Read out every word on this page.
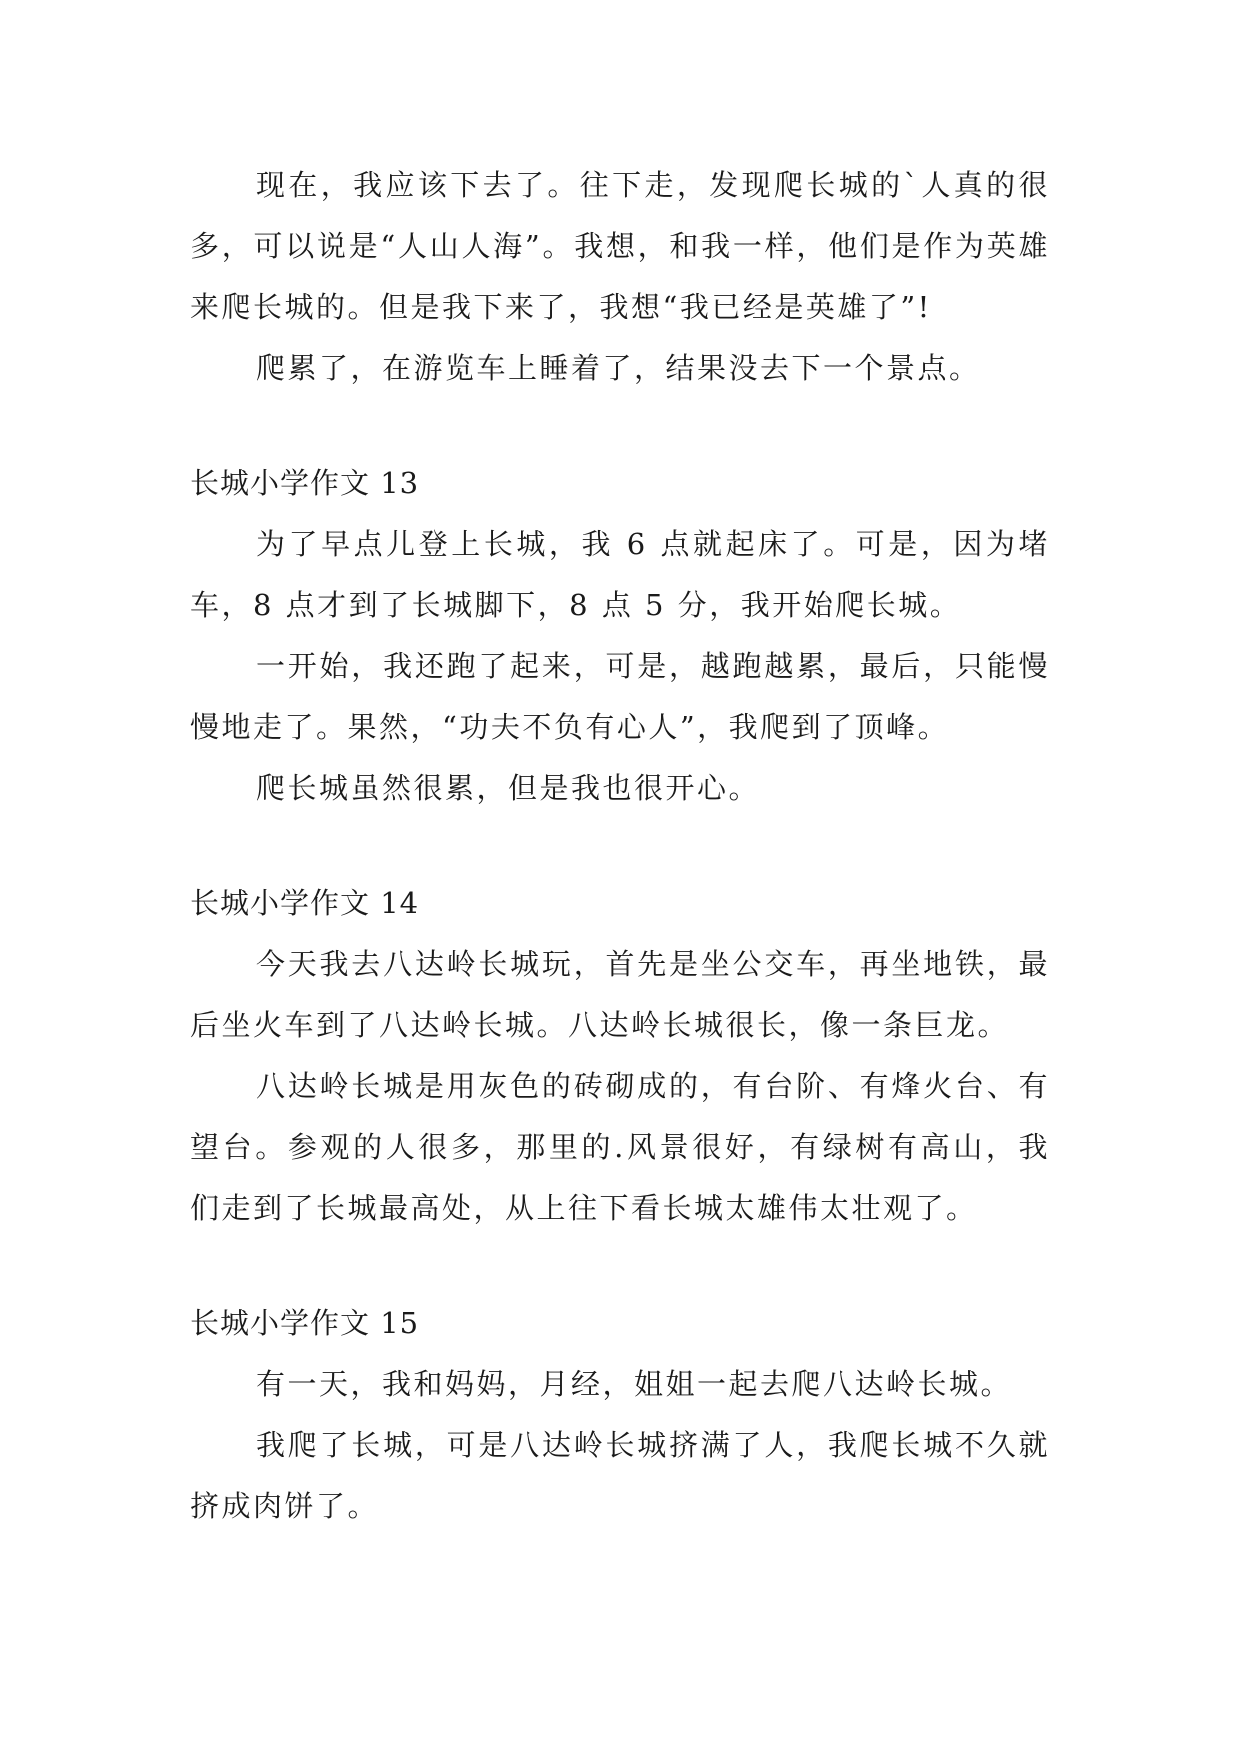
现在，我应该下去了。往下走，发现爬长城的`人真的很多，可以说是“人山人海”。我想，和我一样，他们是作为英雄来爬长城的。但是我下来了，我想“我已经是英雄了”!

爬累了，在游览车上睡着了，结果没去下一个景点。

长城小学作文 13

为了早点儿登上长城，我 6 点就起床了。可是，因为堵车，8 点才到了长城脚下，8 点 5 分，我开始爬长城。

一开始，我还跑了起来，可是，越跑越累，最后，只能慢慢地走了。果然，“功夫不负有心人”，我爬到了顶峰。

爬长城虽然很累，但是我也很开心。

长城小学作文 14

今天我去八达岭长城玩，首先是坐公交车，再坐地铁，最后坐火车到了八达岭长城。八达岭长城很长，像一条巨龙。

八达岭长城是用灰色的砖砌成的，有台阶、有烽火台、有望台。参观的人很多，那里的.风景很好，有绿树有高山，我们走到了长城最高处，从上往下看长城太雄伟太壮观了。

长城小学作文 15

有一天，我和妈妈，月经，姐姐一起去爬八达岭长城。

我爬了长城，可是八达岭长城挤满了人，我爬长城不久就挤成肉饼了。
